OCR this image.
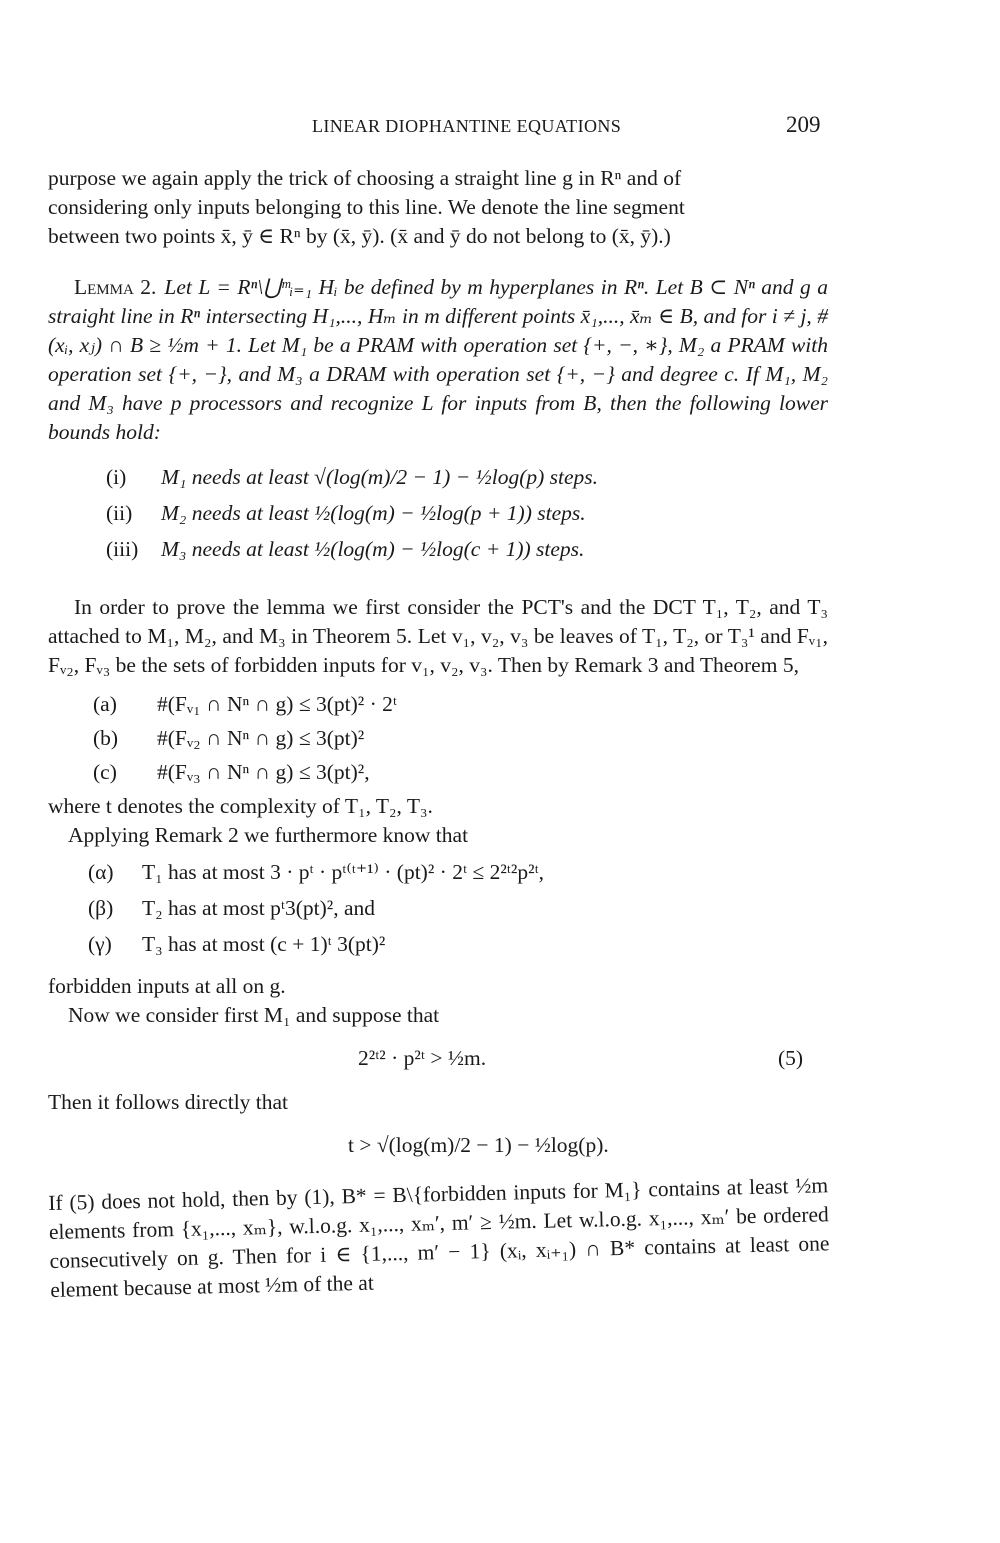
LINEAR DIOPHANTINE EQUATIONS	209
purpose we again apply the trick of choosing a straight line g in Rⁿ and of
considering only inputs belonging to this line. We denote the line segment
between two points x̄, ȳ ∈ Rⁿ by (x̄, ȳ). (x̄ and ȳ do not belong to (x̄, ȳ).)
Lemma 2. Let L = Rⁿ\⋃ᵐᵢ₌₁ Hᵢ be defined by m hyperplanes in Rⁿ. Let B ⊂ Nⁿ and g a straight line in Rⁿ intersecting H₁,..., Hₘ in m different points x̄₁,..., x̄ₘ ∈ B, and for i ≠ j, #(xᵢ, xⱼ) ∩ B ≥ ½m + 1. Let M₁ be a PRAM with operation set {+, −, ∗}, M₂ a PRAM with operation set {+, −}, and M₃ a DRAM with operation set {+, −} and degree c. If M₁, M₂ and M₃ have p processors and recognize L for inputs from B, then the following lower bounds hold:
(i)	M₁ needs at least √(log(m)/2 − 1) − ½log(p) steps.
(ii)	M₂ needs at least ½(log(m) − ½log(p + 1)) steps.
(iii)	M₃ needs at least ½(log(m) − ½log(c + 1)) steps.

In order to prove the lemma we first consider the PCT's and the DCT T₁, T₂, and T₃ attached to M₁, M₂, and M₃ in Theorem 5. Let v₁, v₂, v₃ be leaves of T₁, T₂, or T₃¹ and Fᵥ₁, Fᵥ₂, Fᵥ₃ be the sets of forbidden inputs for v₁, v₂, v₃. Then by Remark 3 and Theorem 5,

(a)	#(Fᵥ₁ ∩ Nⁿ ∩ g) ≤ 3(pt)² · 2ᵗ
(b)	#(Fᵥ₂ ∩ Nⁿ ∩ g) ≤ 3(pt)²
(c)	#(Fᵥ₃ ∩ Nⁿ ∩ g) ≤ 3(pt)²,
where t denotes the complexity of T₁, T₂, T₃.
Applying Remark 2 we furthermore know that
(α)	T₁ has at most 3 · pᵗ · pᵗ⁽ᵗ⁺¹⁾ · (pt)² · 2ᵗ ≤ 2²ᵗ²p²ᵗ,
(β)	T₂ has at most pᵗ3(pt)², and
(γ)	T₃ has at most (c + 1)ᵗ 3(pt)²
forbidden inputs at all on g.
Now we consider first M₁ and suppose that
2²ᵗ² · p²ᵗ > ½m.	(5)
Then it follows directly that
t > √(log(m)/2 − 1) − ½log(p).

If (5) does not hold, then by (1), B* = B\{forbidden inputs for M₁} contains at least ½m elements from {x₁,..., xₘ}, w.l.o.g. x₁,..., xₘ′, m′ ≥ ½m. Let w.l.o.g. x₁,..., xₘ′ be ordered consecutively on g. Then for i ∈ {1,..., m′ − 1} (xᵢ, xᵢ₊₁) ∩ B* contains at least one element because at most ½m of the at
